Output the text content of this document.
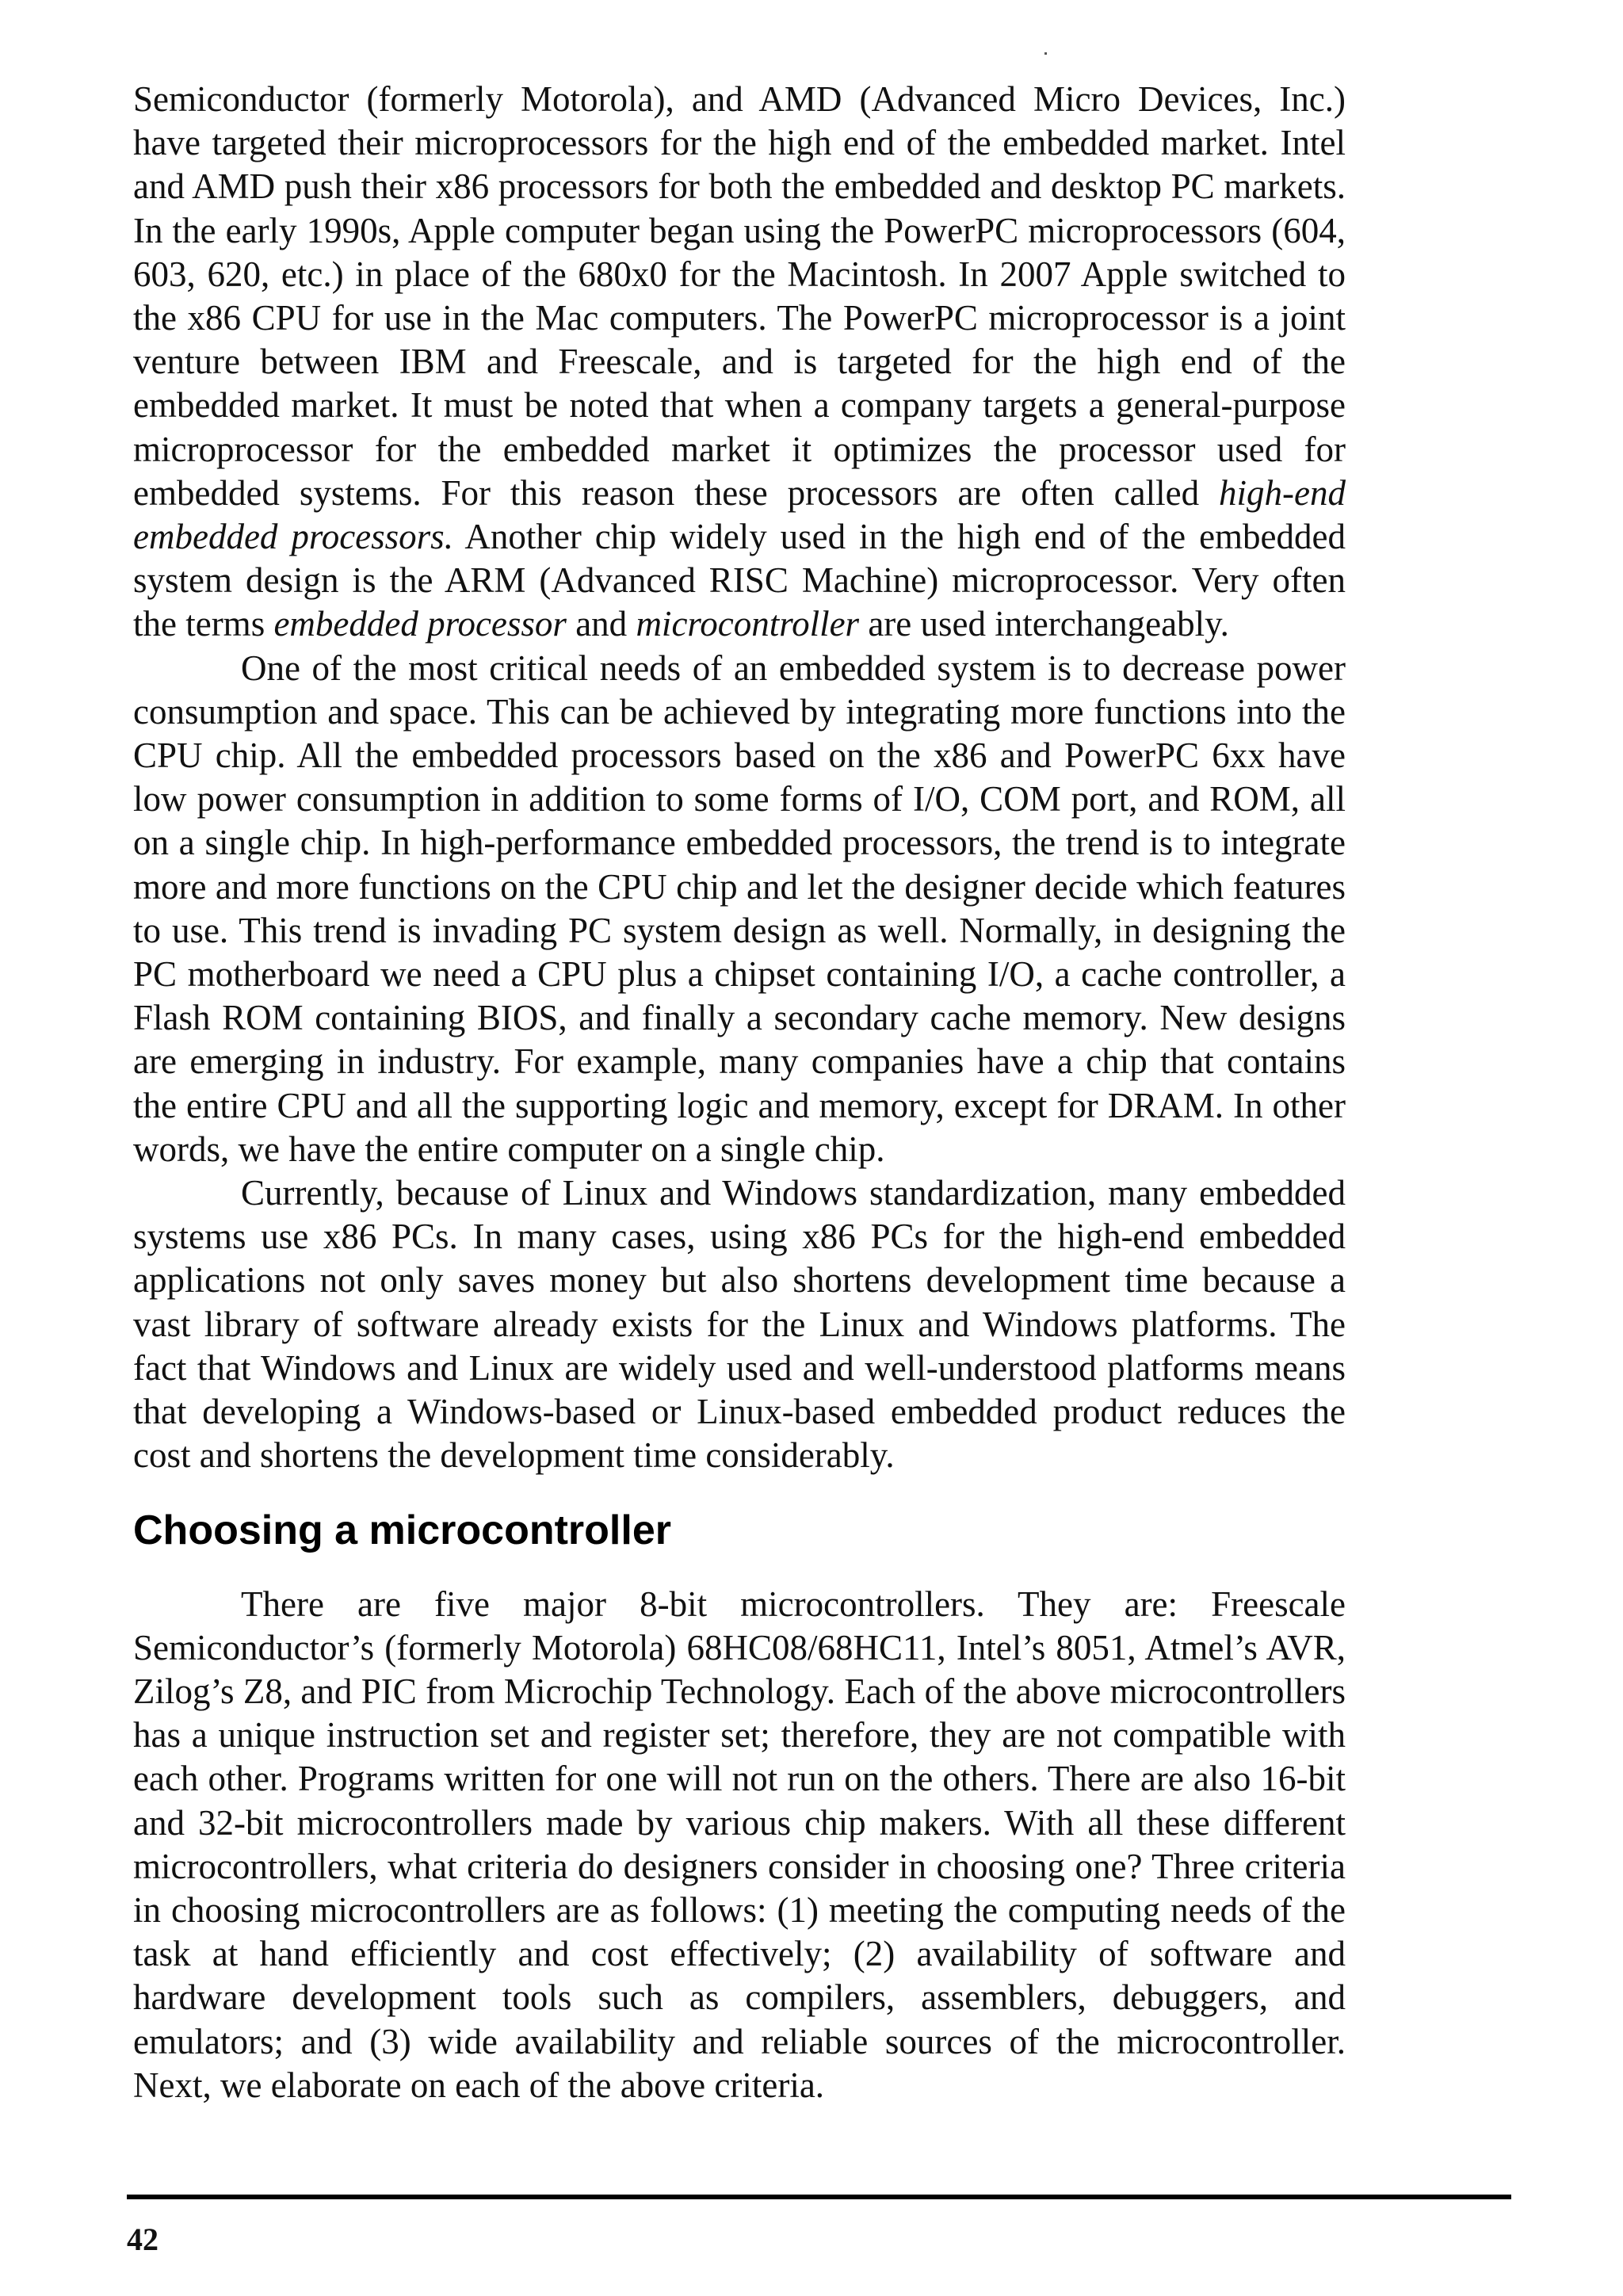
Semiconductor (formerly Motorola), and AMD (Advanced Micro Devices, Inc.) have targeted their microprocessors for the high end of the embedded market. Intel and AMD push their x86 processors for both the embedded and desktop PC markets. In the early 1990s, Apple computer began using the PowerPC microprocessors (604, 603, 620, etc.) in place of the 680x0 for the Macintosh. In 2007 Apple switched to the x86 CPU for use in the Mac computers. The PowerPC microprocessor is a joint venture between IBM and Freescale, and is targeted for the high end of the embedded market. It must be noted that when a company targets a general-purpose microprocessor for the embedded market it optimizes the processor used for embedded systems. For this reason these processors are often called high-end embedded processors. Another chip widely used in the high end of the embedded system design is the ARM (Advanced RISC Machine) microprocessor. Very often the terms embedded processor and microcontroller are used interchangeably.

One of the most critical needs of an embedded system is to decrease power consumption and space. This can be achieved by integrating more functions into the CPU chip. All the embedded processors based on the x86 and PowerPC 6xx have low power consumption in addition to some forms of I/O, COM port, and ROM, all on a single chip. In high-performance embedded processors, the trend is to integrate more and more functions on the CPU chip and let the designer decide which features to use. This trend is invading PC system design as well. Normally, in designing the PC motherboard we need a CPU plus a chipset containing I/O, a cache controller, a Flash ROM containing BIOS, and finally a secondary cache memory. New designs are emerging in industry. For example, many companies have a chip that contains the entire CPU and all the supporting logic and memory, except for DRAM. In other words, we have the entire computer on a single chip.

Currently, because of Linux and Windows standardization, many embedded systems use x86 PCs. In many cases, using x86 PCs for the high-end embedded applications not only saves money but also shortens development time because a vast library of software already exists for the Linux and Windows platforms. The fact that Windows and Linux are widely used and well-understood platforms means that developing a Windows-based or Linux-based embedded product reduces the cost and shortens the development time considerably.

Choosing a microcontroller

There are five major 8-bit microcontrollers. They are: Freescale Semiconductor’s (formerly Motorola) 68HC08/68HC11, Intel’s 8051, Atmel’s AVR, Zilog’s Z8, and PIC from Microchip Technology. Each of the above microcontrollers has a unique instruction set and register set; therefore, they are not compatible with each other. Programs written for one will not run on the others. There are also 16-bit and 32-bit microcontrollers made by various chip makers. With all these different microcontrollers, what criteria do designers consider in choosing one? Three criteria in choosing microcontrollers are as follows: (1) meeting the computing needs of the task at hand efficiently and cost effectively; (2) availability of software and hardware development tools such as compilers, assemblers, debuggers, and emulators; and (3) wide availability and reliable sources of the microcontroller. Next, we elaborate on each of the above criteria.

42
